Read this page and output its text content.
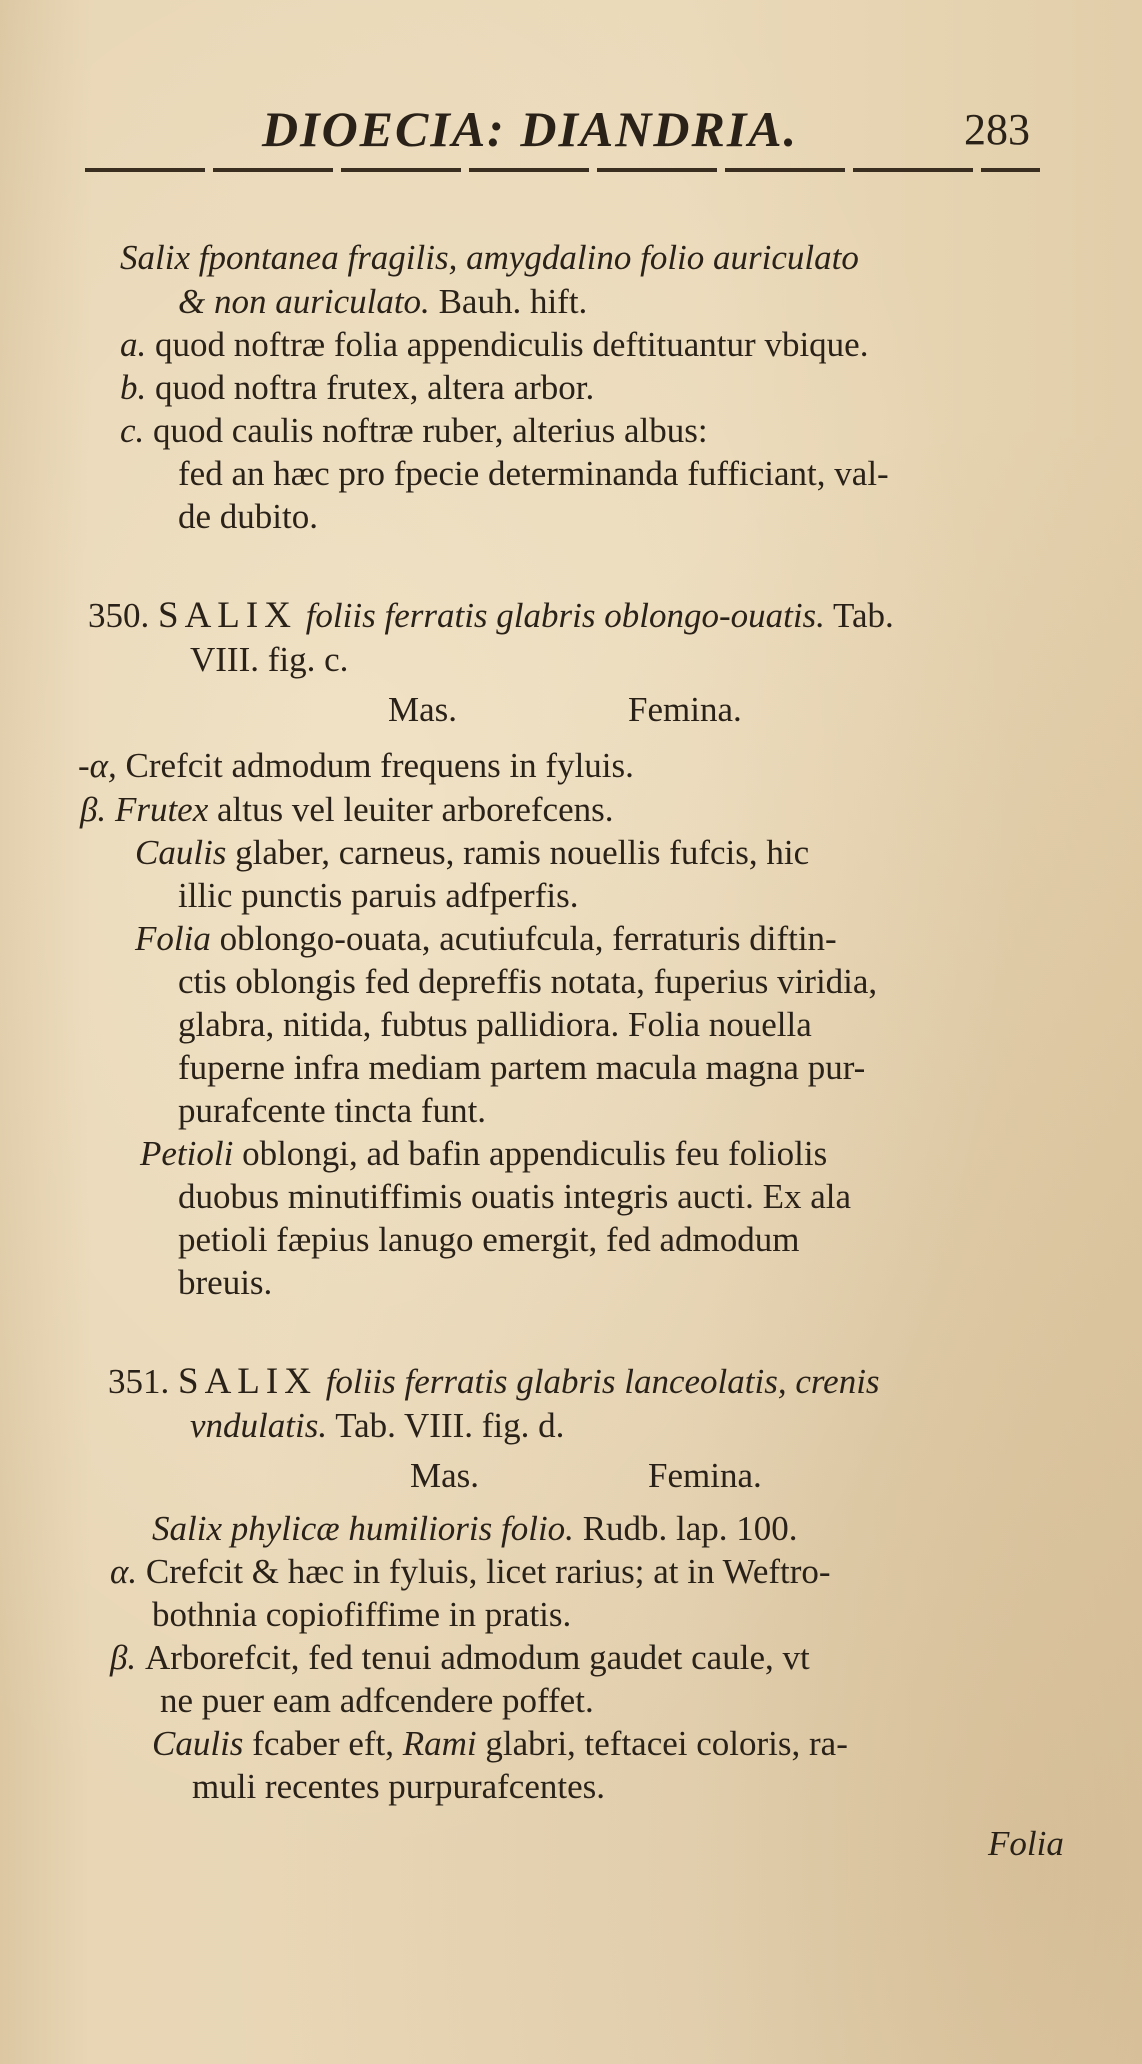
DIOECIA: DIANDRIA.	283
Salix fpontanea fragilis, amygdalino folio auriculato
& non auriculato. Bauh. hift.
a. quod noftræ folia appendiculis deftituantur vbique.
b. quod noftra frutex, altera arbor.
c. quod caulis noftræ ruber, alterius albus:
fed an hæc pro fpecie determinanda fufficiant, val-
de dubito.
350. SALIX foliis ferratis glabris oblongo-ouatis. Tab.
VIII. fig. c.
Mas.	Femina.
-α, Crefcit admodum frequens in fyluis.
β. Frutex altus vel leuiter arborefcens.
Caulis glaber, carneus, ramis nouellis fufcis, hic
illic punctis paruis adfperfis.
Folia oblongo-ouata, acutiufcula, ferraturis diftin-
ctis oblongis fed depreffis notata, fuperius viridia,
glabra, nitida, fubtus pallidiora. Folia nouella
fuperne infra mediam partem macula magna pur-
purafcente tincta funt.
Petioli oblongi, ad bafin appendiculis feu foliolis
duobus minutiffimis ouatis integris aucti. Ex ala
petioli fæpius lanugo emergit, fed admodum
breuis.
351. SALIX foliis ferratis glabris lanceolatis, crenis
vndulatis. Tab. VIII. fig. d.
Mas.	Femina.
Salix phylicæ humilioris folio. Rudb. lap. 100.
α. Crefcit & hæc in fyluis, licet rarius; at in Weftro-
bothnia copiofiffime in pratis.
β. Arborefcit, fed tenui admodum gaudet caule, vt
ne puer eam adfcendere poffet.
Caulis fcaber eft, Rami glabri, teftacei coloris, ra-
muli recentes purpurafcentes.
Folia
